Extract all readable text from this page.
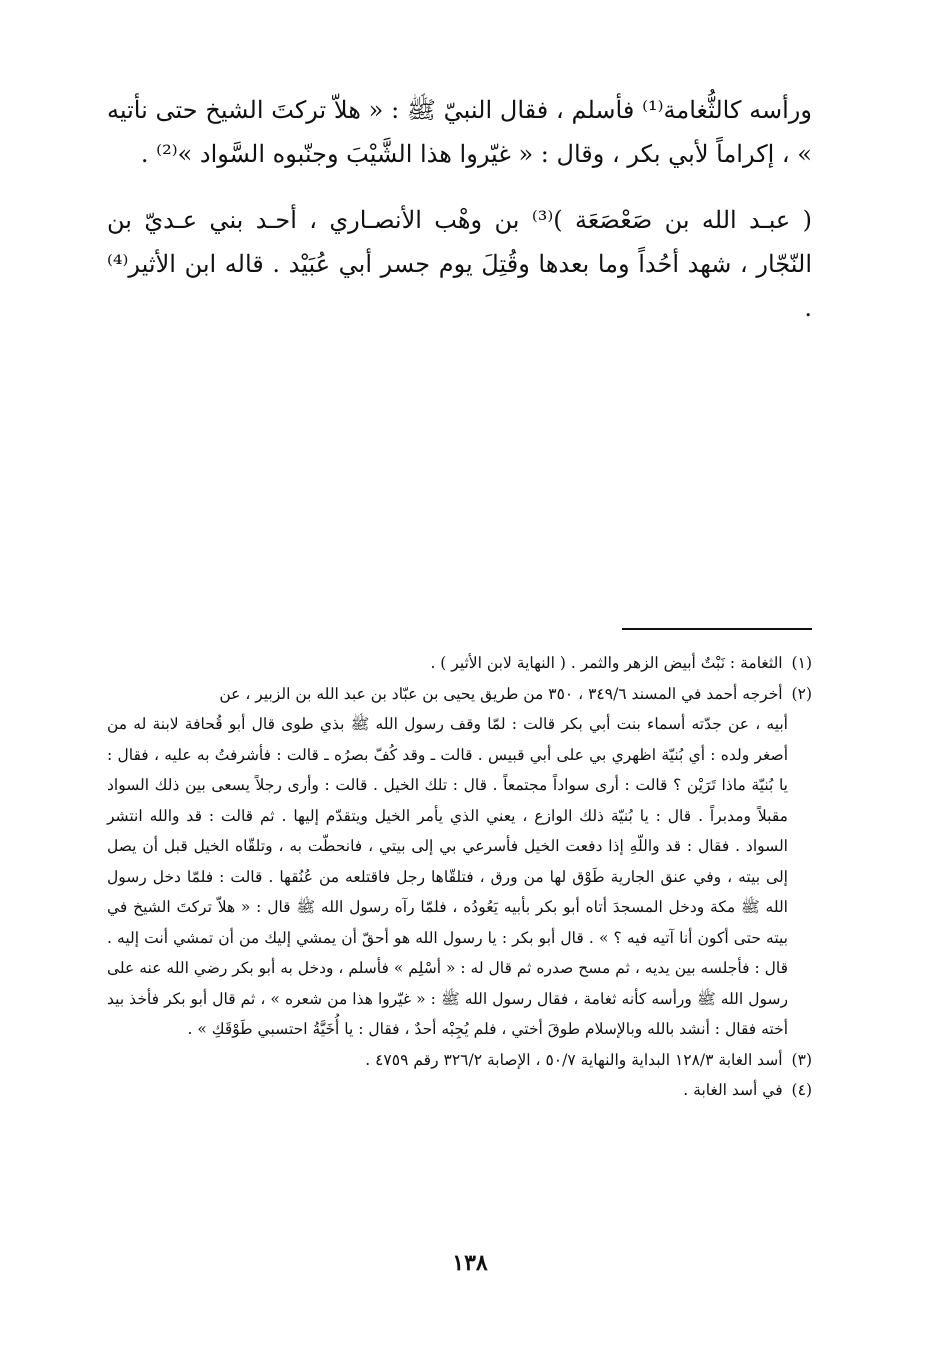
ورأسه كالثُّغامة⁽¹⁾ فأسلم ، فقال النبيّ ﷺ : « هلاّ تركتَ الشيخ حتى نأتيه » ، إكراماً لأبي بكر ، وقال : « غيّروا هذا الشَّيْبَ وجنّبوه السَّواد »⁽²⁾ .

( عبـد الله بن صَعْصَعَة )⁽³⁾ بن وهْب الأنصـاري ، أحـد بني عـديّ بن النّجّار ، شهد أحُداً وما بعدها وقُتِلَ يوم جسر أبي عُبَيْد . قاله ابن الأثير⁽⁴⁾ .

(١) الثغامة : نَبْتٌ أبيض الزهر والثمر . ( النهاية لابن الأثير ) .

(٢) أخرجه أحمد في المسند ٣٤٩/٦ ، ٣٥٠ من طريق يحيى بن عبّاد بن عبد الله بن الزبير ، عن
أبيه ، عن جدّته أسماء بنت أبي بكر قالت : لمّا وقف رسول الله ﷺ بذي طوى قال أبو قُحافة لابنة له من أصغر ولده : أي بُنيّة اظهري بي على أبي قبيس . قالت ـ وقد كُفّ بصرُه ـ قالت : فأشرفتُ به عليه ، فقال : يا بُنيّة ماذا تَرَيْن ؟ قالت : أرى سواداً مجتمعاً . قال : تلك الخيل . قالت : وأرى رجلاً يسعى بين ذلك السواد مقبلاً ومدبراً . قال : يا بُنيّة ذلك الوازع ، يعني الذي يأمر الخيل ويتقدّم إليها . ثم قالت : قد والله انتشر السواد . فقال : قد واللّهِ إذا دفعت الخيل فأسرعي بي إلى بيتي ، فانحطّت به ، وتلقّاه الخيل قبل أن يصل إلى بيته ، وفي عنق الجارية طَوْق لها من ورق ، فتلقّاها رجل فاقتلعه من عُنُقها . قالت : فلمّا دخل رسول الله ﷺ مكة ودخل المسجدَ أتاه أبو بكر بأبيه يَعُودُه ، فلمّا رآه رسول الله ﷺ قال : « هلاّ تركتَ الشيخ في بيته حتى أكون أنا آتيه فيه ؟ » . قال أبو بكر : يا رسول الله هو أحقّ أن يمشي إليك من أن تمشي أنت إليه . قال : فأجلسه بين يديه ، ثم مسح صدره ثم قال له : « أسْلِم » فأسلم ، ودخل به أبو بكر رضي الله عنه على رسول الله ﷺ ورأسه كأنه ثغامة ، فقال رسول الله ﷺ : « غيّروا هذا من شعره » ، ثم قال أبو بكر فأخذ بيد أخته فقال : أنشد بالله وبالإسلام طوقَ أختي ، فلم يُجِبْه أحدٌ ، فقال : يا أُخَيَّةُ احتسبي طَوْقَكِ » .

(٣) أسد الغابة ١٢٨/٣ البداية والنهاية ٥٠/٧ ، الإصابة ٣٢٦/٢ رقم ٤٧٥٩ .

(٤) في أسد الغابة .

١٣٨
